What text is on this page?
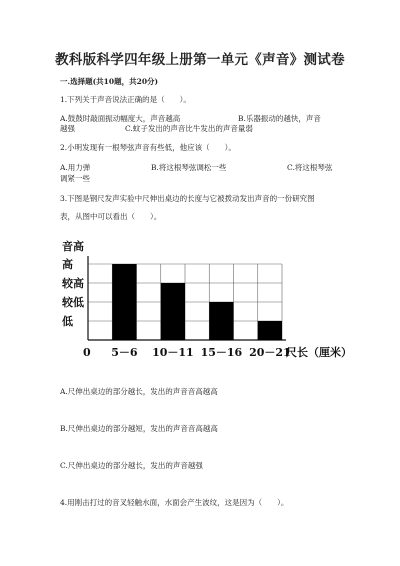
教科版科学四年级上册第一单元《声音》测试卷
一.选择题(共10题，共20分)
1.下列关于声音说法正确的是（　　）。
A.鼓鼓时敲面振动幅度大，声音越高	B.乐器振动的越快，声音
越强	C.蚊子发出的声音比牛发出的声音量弱
2.小明发现有一根琴弦声音有些低，他应该（　　）。
A.用力弹	B.将这根琴弦调松一些	C.将这根琴弦
调紧一些
3.下图是钢尺发声实验中尺伸出桌边的长度与它被拨动发出声音的一份研究图
表，从图中可以看出（　　）。
音高
高
较高
较低
低
0 5－6 10－11 15－16 20－21
尺长（厘米）
A.尺伸出桌边的部分越长，发出的声音音高越高
B.尺伸出桌边的部分越短，发出的声音音高越高
C.尺伸出桌边的部分越长，发出的声音越强
4.用刚击打过的音叉轻触水面，水面会产生波纹，这是因为（　　）。
